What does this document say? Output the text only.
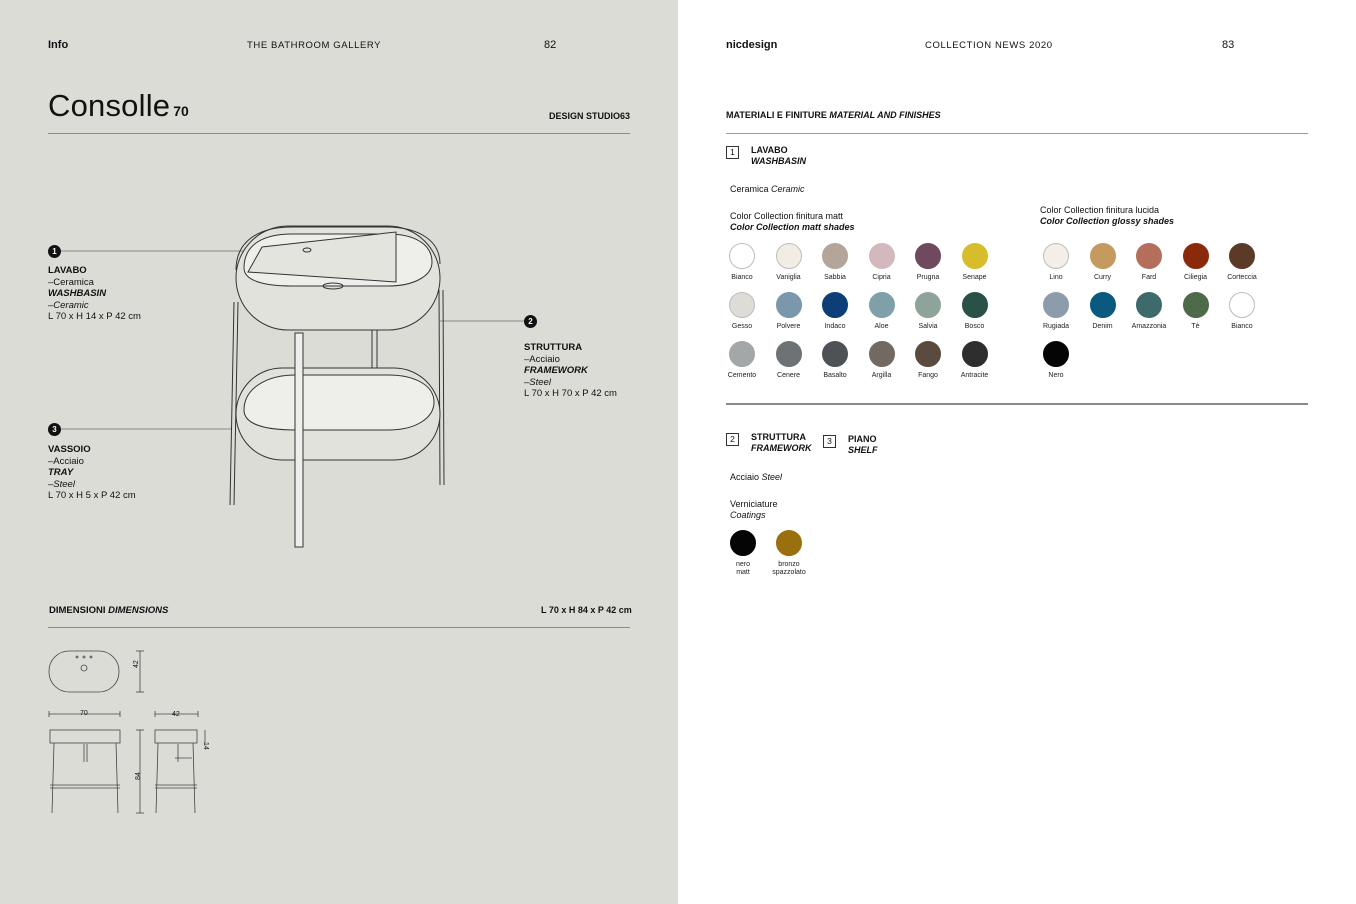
Info	THE BATHROOM GALLERY	82
Consolle 70	DESIGN STUDIO63
1
LAVABO
–Ceramica
WASHBASIN
–Ceramic
L 70 x H 14 x P 42 cm	2
STRUTTURA
–Acciaio
FRAMEWORK
–Steel
L 70 x H 70 x P 42 cm
3
VASSOIO
–Acciaio
TRAY
–Steel
L 70 x H 5 x P 42 cm
DIMENSIONI DIMENSIONS	L 70 x H 84 x P 42 cm
42
70	42
14
84
nicdesign	COLLECTION NEWS 2020	83
MATERIALI E FINITURE MATERIAL AND FINISHES
1	LAVABO
WASHBASIN
Ceramica Ceramic
Color Collection finitura matt
Color Collection matt shades
Color Collection finitura lucida
Color Collection glossy shades
2	STRUTTURA
FRAMEWORK
3	PIANO
SHELF
Acciaio Steel
Verniciature
Coatings
Bianco	Vaniglia	Sabbia	Cipria	Prugna	Senape
Gesso	Polvere	Indaco	Aloe	Salvia	Bosco
Cemento	Cenere	Basalto	Argilla	Fango	Antracite
Lino	Curry	Fard	Ciliegia	Corteccia
Rugiada	Denim	Amazzonia	Tè	Bianco
Nero
nero
matt
bronzo
spazzolato
